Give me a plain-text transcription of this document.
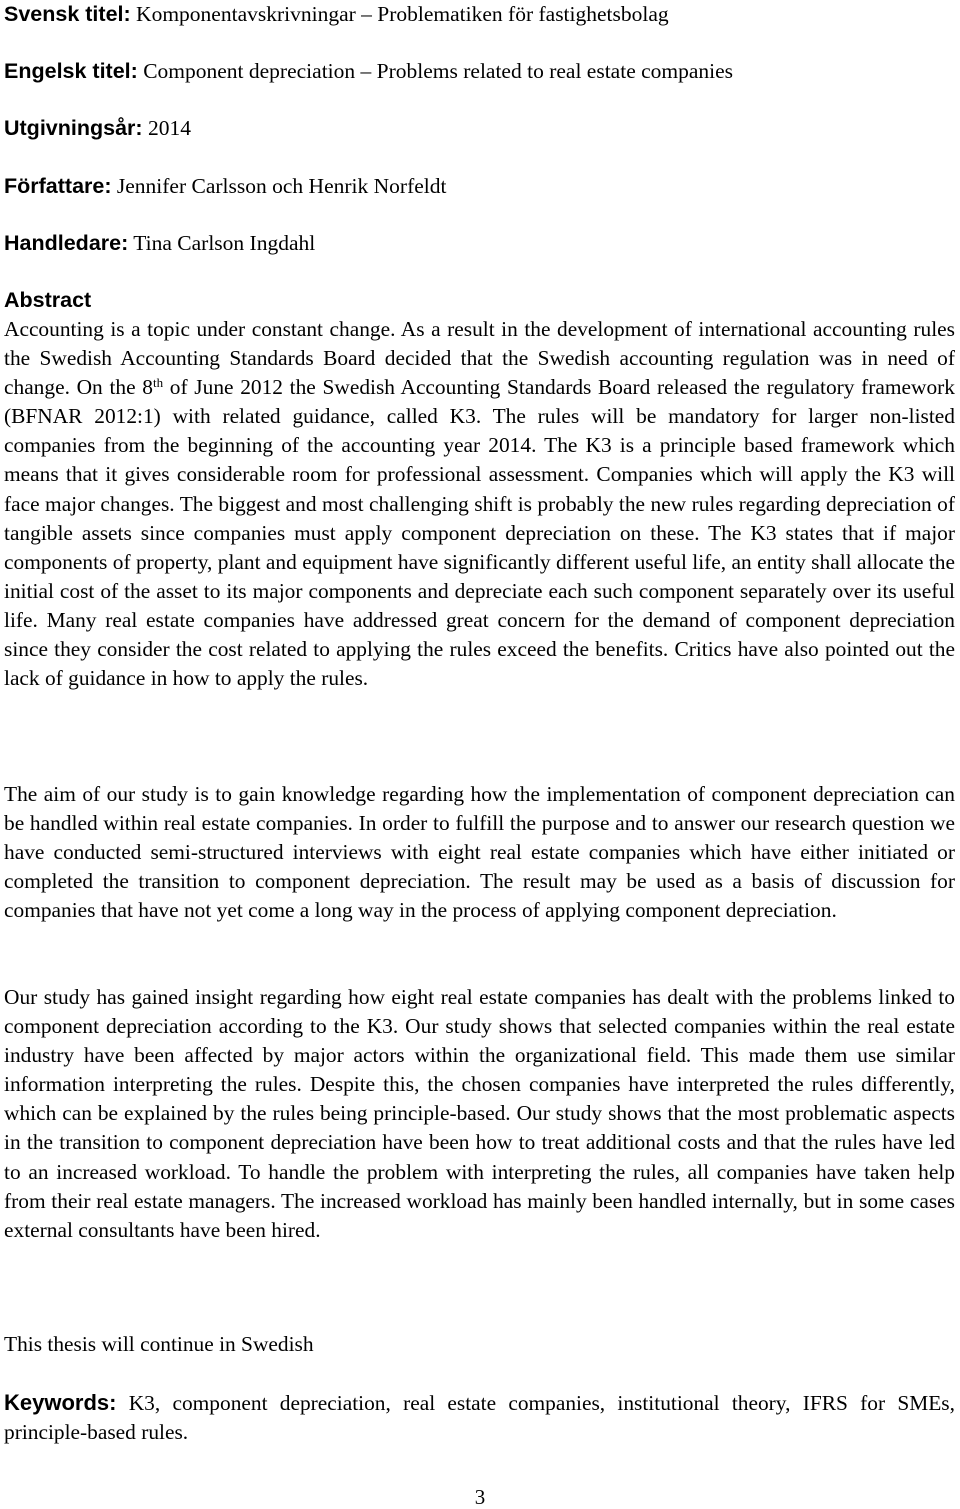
Svensk titel: Komponentavskrivningar – Problematiken för fastighetsbolag
Engelsk titel: Component depreciation – Problems related to real estate companies
Utgivningsår: 2014
Författare: Jennifer Carlsson och Henrik Norfeldt
Handledare: Tina Carlson Ingdahl
Abstract

Accounting is a topic under constant change. As a result in the development of international accounting rules the Swedish Accounting Standards Board decided that the Swedish accounting regulation was in need of change. On the 8th of June 2012 the Swedish Accounting Standards Board released the regulatory framework (BFNAR 2012:1) with related guidance, called K3. The rules will be mandatory for larger non-listed companies from the beginning of the accounting year 2014. The K3 is a principle based framework which means that it gives considerable room for professional assessment. Companies which will apply the K3 will face major changes. The biggest and most challenging shift is probably the new rules regarding depreciation of tangible assets since companies must apply component depreciation on these. The K3 states that if major components of property, plant and equipment have significantly different useful life, an entity shall allocate the initial cost of the asset to its major components and depreciate each such component separately over its useful life. Many real estate companies have addressed great concern for the demand of component depreciation since they consider the cost related to applying the rules exceed the benefits. Critics have also pointed out the lack of guidance in how to apply the rules.

The aim of our study is to gain knowledge regarding how the implementation of component depreciation can be handled within real estate companies. In order to fulfill the purpose and to answer our research question we have conducted semi-structured interviews with eight real estate companies which have either initiated or completed the transition to component depreciation. The result may be used as a basis of discussion for companies that have not yet come a long way in the process of applying component depreciation.

Our study has gained insight regarding how eight real estate companies has dealt with the problems linked to component depreciation according to the K3. Our study shows that selected companies within the real estate industry have been affected by major actors within the organizational field. This made them use similar information interpreting the rules. Despite this, the chosen companies have interpreted the rules differently, which can be explained by the rules being principle-based. Our study shows that the most problematic aspects in the transition to component depreciation have been how to treat additional costs and that the rules have led to an increased workload. To handle the problem with interpreting the rules, all companies have taken help from their real estate managers. The increased workload has mainly been handled internally, but in some cases external consultants have been hired.

This thesis will continue in Swedish

Keywords: K3, component depreciation, real estate companies, institutional theory, IFRS for SMEs, principle-based rules.

3
